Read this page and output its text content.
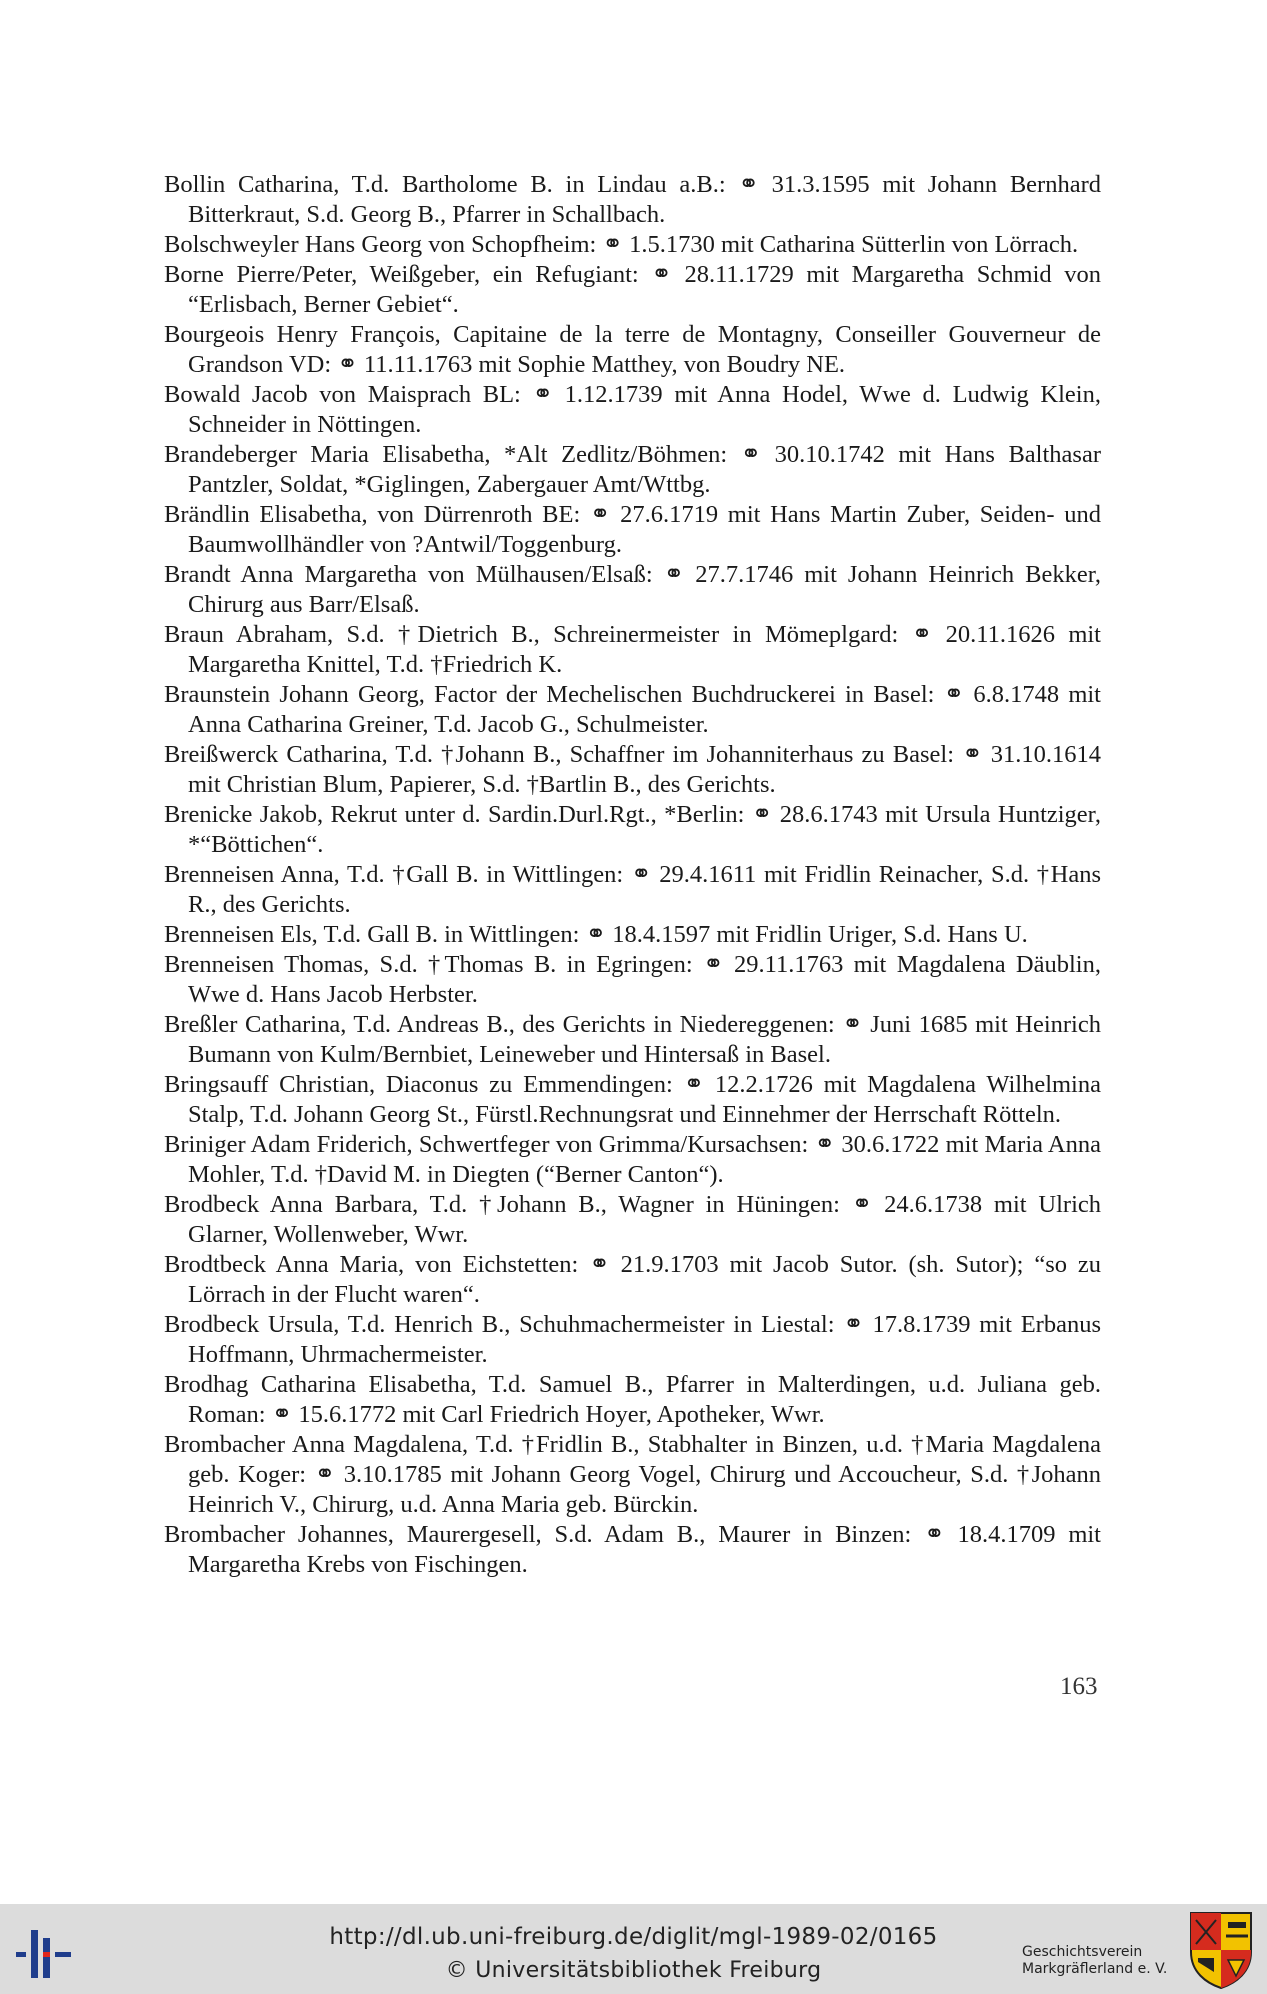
Bollin Catharina, T.d. Bartholome B. in Lindau a.B.: ⚭ 31.3.1595 mit Johann Bernhard Bitterkraut, S.d. Georg B., Pfarrer in Schallbach.

Bolschweyler Hans Georg von Schopfheim: ⚭ 1.5.1730 mit Catharina Sütterlin von Lörrach.

Borne Pierre/Peter, Weißgeber, ein Refugiant: ⚭ 28.11.1729 mit Margaretha Schmid von “Erlisbach, Berner Gebiet“.

Bourgeois Henry François, Capitaine de la terre de Montagny, Conseiller Gouverneur de Grandson VD: ⚭ 11.11.1763 mit Sophie Matthey, von Boudry NE.

Bowald Jacob von Maisprach BL: ⚭ 1.12.1739 mit Anna Hodel, Wwe d. Ludwig Klein, Schneider in Nöttingen.

Brandeberger Maria Elisabetha, *Alt Zedlitz/Böhmen: ⚭ 30.10.1742 mit Hans Balthasar Pantzler, Soldat, *Giglingen, Zabergauer Amt/Wttbg.

Brändlin Elisabetha, von Dürrenroth BE: ⚭ 27.6.1719 mit Hans Martin Zuber, Seiden- und Baumwollhändler von ?Antwil/Toggenburg.

Brandt Anna Margaretha von Mülhausen/Elsaß: ⚭ 27.7.1746 mit Johann Heinrich Bekker, Chirurg aus Barr/Elsaß.

Braun Abraham, S.d. †Dietrich B., Schreinermeister in Mömeplgard: ⚭ 20.11.1626 mit Margaretha Knittel, T.d. †Friedrich K.

Braunstein Johann Georg, Factor der Mechelischen Buchdruckerei in Basel: ⚭ 6.8.1748 mit Anna Catharina Greiner, T.d. Jacob G., Schulmeister.

Breißwerck Catharina, T.d. †Johann B., Schaffner im Johanniterhaus zu Basel: ⚭ 31.10.1614 mit Christian Blum, Papierer, S.d. †Bartlin B., des Gerichts.

Brenicke Jakob, Rekrut unter d. Sardin.Durl.Rgt., *Berlin: ⚭ 28.6.1743 mit Ursula Huntziger, *“Böttichen“.

Brenneisen Anna, T.d. †Gall B. in Wittlingen: ⚭ 29.4.1611 mit Fridlin Reinacher, S.d. †Hans R., des Gerichts.

Brenneisen Els, T.d. Gall B. in Wittlingen: ⚭ 18.4.1597 mit Fridlin Uriger, S.d. Hans U.

Brenneisen Thomas, S.d. †Thomas B. in Egringen: ⚭ 29.11.1763 mit Magdalena Däublin, Wwe d. Hans Jacob Herbster.

Breßler Catharina, T.d. Andreas B., des Gerichts in Niedereggenen: ⚭ Juni 1685 mit Heinrich Bumann von Kulm/Bernbiet, Leineweber und Hintersaß in Basel.

Bringsauff Christian, Diaconus zu Emmendingen: ⚭ 12.2.1726 mit Magdalena Wilhelmina Stalp, T.d. Johann Georg St., Fürstl.Rechnungsrat und Einnehmer der Herrschaft Rötteln.

Briniger Adam Friderich, Schwertfeger von Grimma/Kursachsen: ⚭ 30.6.1722 mit Maria Anna Mohler, T.d. †David M. in Diegten (“Berner Canton“).

Brodbeck Anna Barbara, T.d. †Johann B., Wagner in Hüningen: ⚭ 24.6.1738 mit Ulrich Glarner, Wollenweber, Wwr.

Brodtbeck Anna Maria, von Eichstetten: ⚭ 21.9.1703 mit Jacob Sutor. (sh. Sutor); “so zu Lörrach in der Flucht waren“.

Brodbeck Ursula, T.d. Henrich B., Schuhmachermeister in Liestal: ⚭ 17.8.1739 mit Erbanus Hoffmann, Uhrmachermeister.

Brodhag Catharina Elisabetha, T.d. Samuel B., Pfarrer in Malterdingen, u.d. Juliana geb. Roman: ⚭ 15.6.1772 mit Carl Friedrich Hoyer, Apotheker, Wwr.

Brombacher Anna Magdalena, T.d. †Fridlin B., Stabhalter in Binzen, u.d. †Maria Magdalena geb. Koger: ⚭ 3.10.1785 mit Johann Georg Vogel, Chirurg und Accoucheur, S.d. †Johann Heinrich V., Chirurg, u.d. Anna Maria geb. Bürckin.

Brombacher Johannes, Maurergesell, S.d. Adam B., Maurer in Binzen: ⚭ 18.4.1709 mit Margaretha Krebs von Fischingen.

163
http://dl.ub.uni-freiburg.de/diglit/mgl-1989-02/0165
© Universitätsbibliothek Freiburg
Geschichtsverein
Markgräflerland e. V.
